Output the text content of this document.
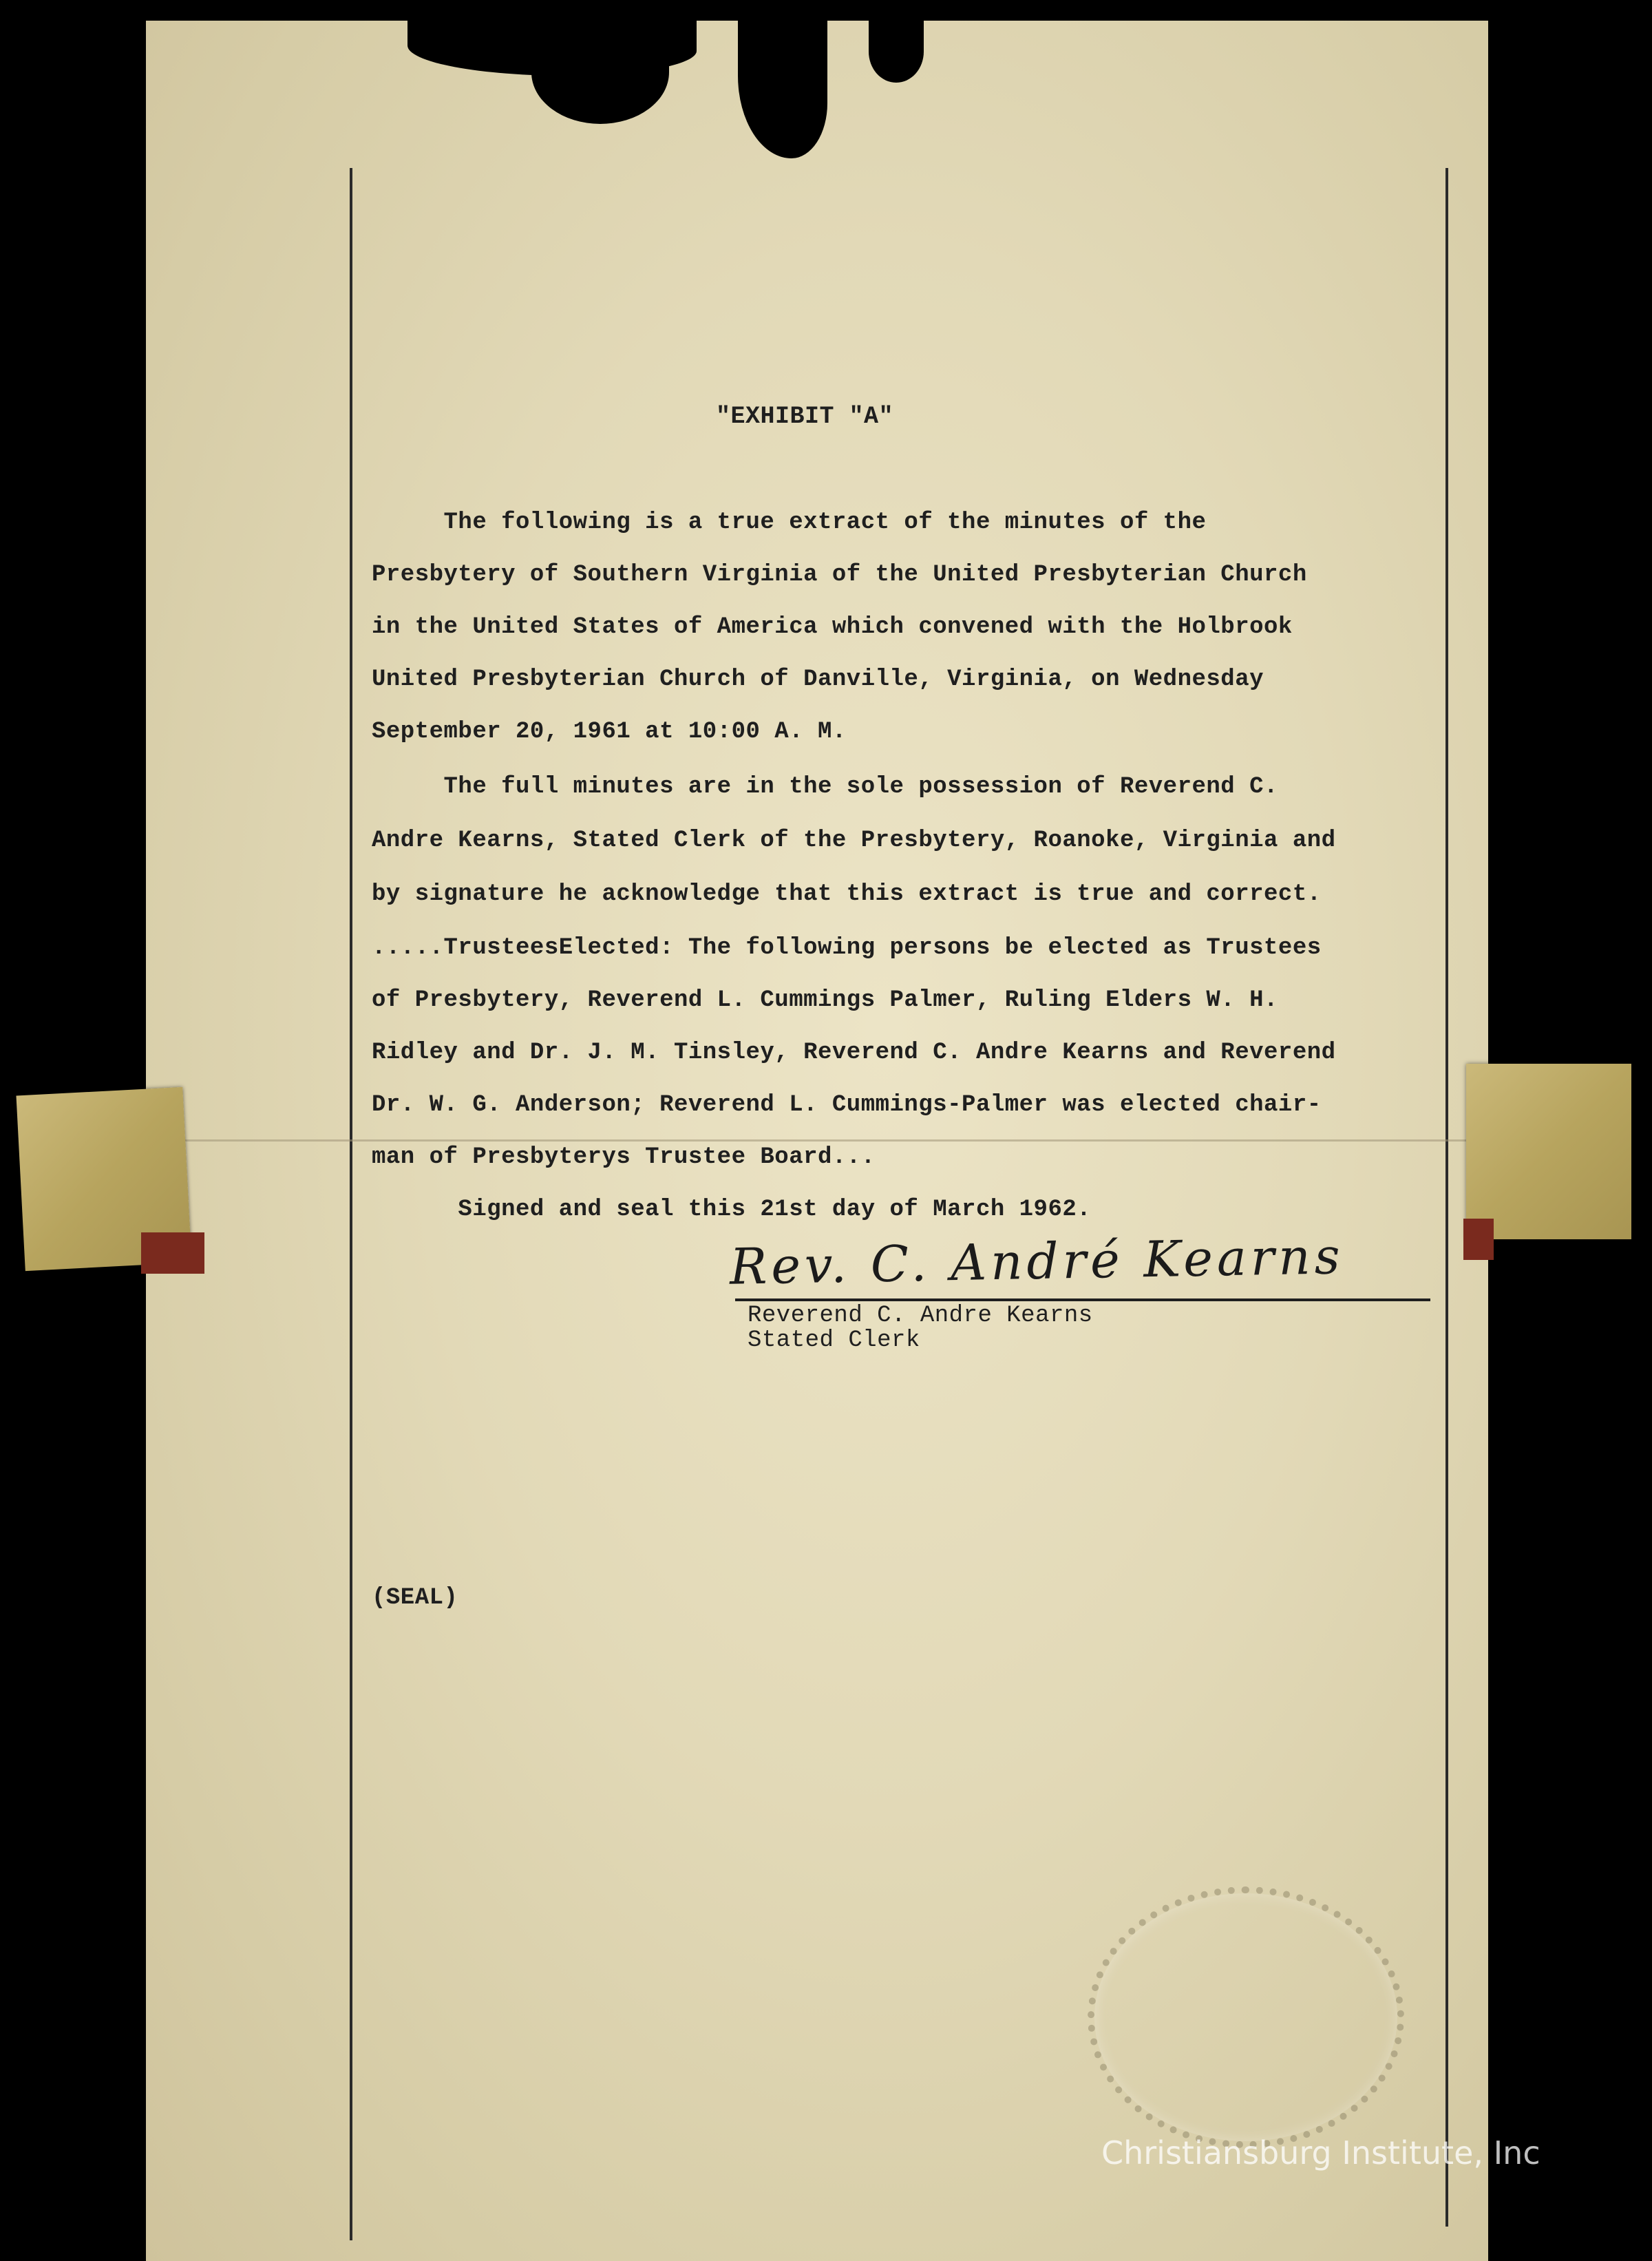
"EXHIBIT "A"
The following is a true extract of the minutes of the
Presbytery of Southern Virginia of the United Presbyterian Church
in the United States of America which convened with the Holbrook
United Presbyterian Church of Danville, Virginia, on Wednesday
September 20, 1961 at 10:00 A. M.
The full minutes are in the sole possession of Reverend C.
Andre Kearns, Stated Clerk of the Presbytery, Roanoke, Virginia and
by signature he acknowledge that this extract is true and correct.
.....TrusteesElected: The following persons be elected as Trustees
of Presbytery, Reverend L. Cummings Palmer, Ruling Elders W. H.
Ridley and Dr. J. M. Tinsley, Reverend C. Andre Kearns and Reverend
Dr. W. G. Anderson; Reverend L. Cummings-Palmer was elected chair-
man of Presbyterys Trustee Board...
Signed and seal this 21st day of March 1962.
Rev. C. André Kearns
Reverend C. Andre Kearns
Stated Clerk
(SEAL)
Christiansburg Institute, Inc
